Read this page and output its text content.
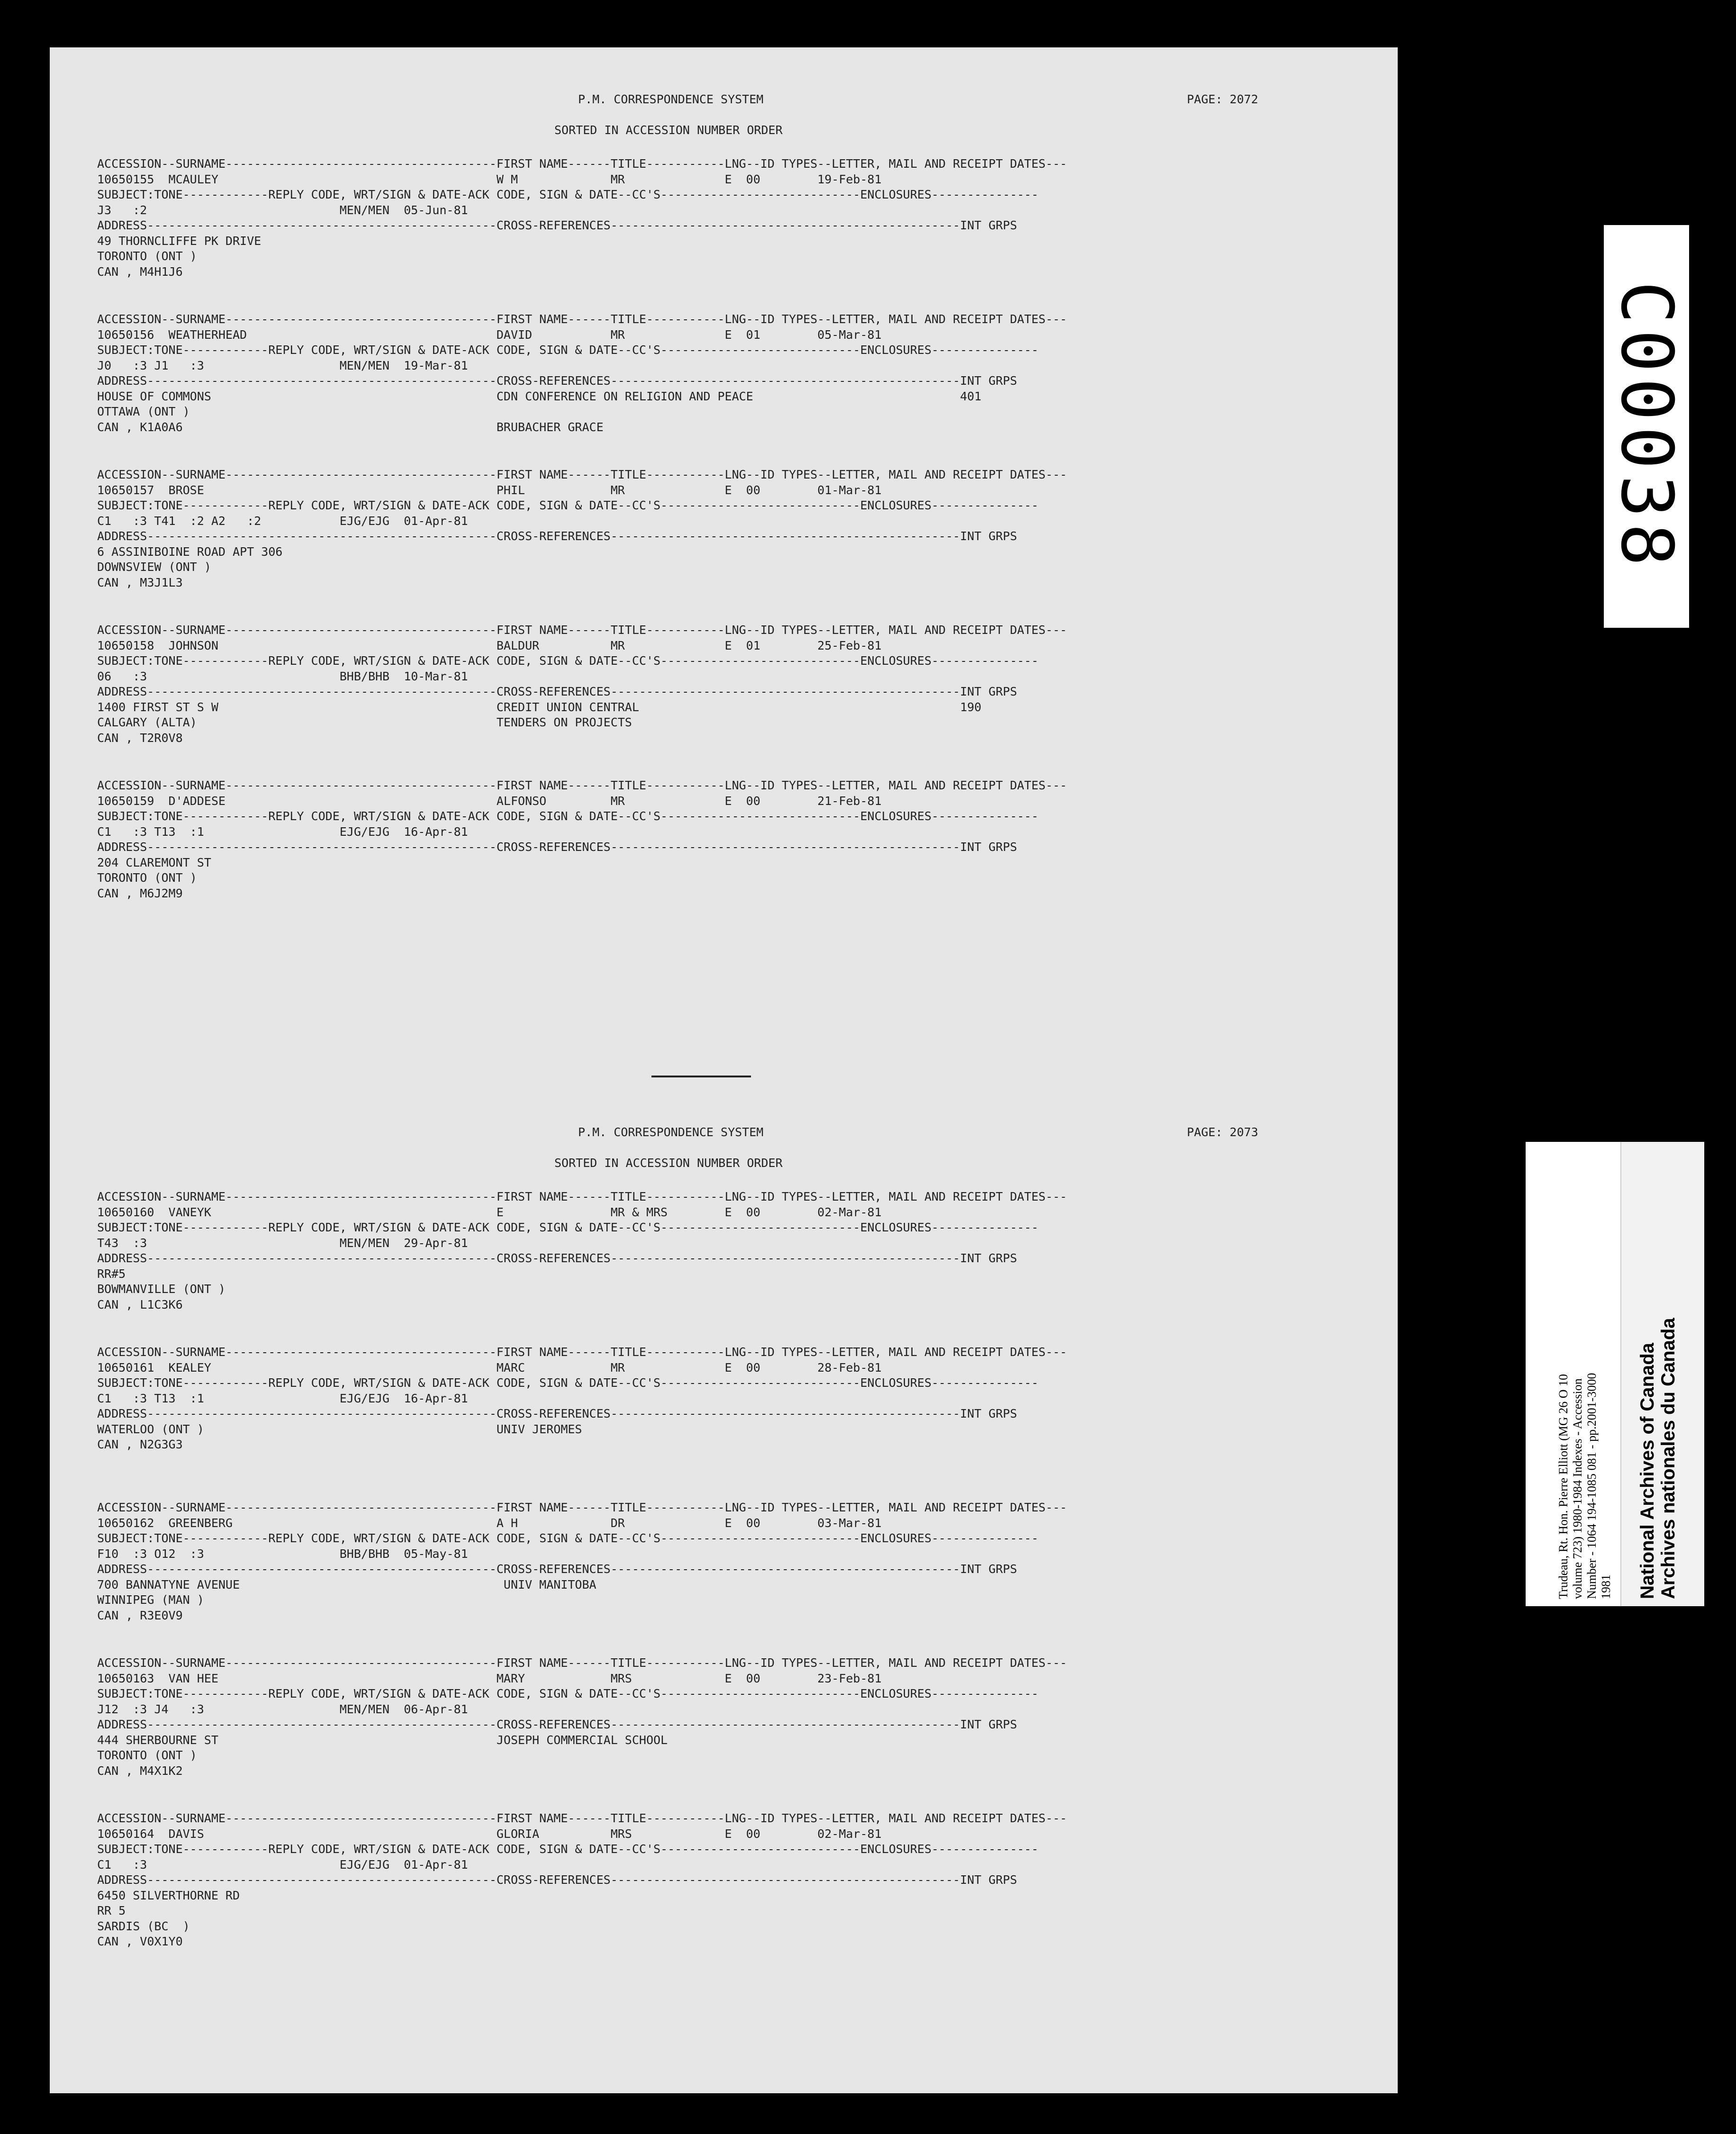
P.M. CORRESPONDENCE SYSTEM	PAGE: 2072
SORTED IN ACCESSION NUMBER ORDER
ACCESSION--SURNAME--------------------------------------FIRST NAME------TITLE-----------LNG--ID TYPES--LETTER, MAIL AND RECEIPT DATES---
10650155  MCAULEY                                       W M             MR              E  00        19-Feb-81
SUBJECT:TONE------------REPLY CODE, WRT/SIGN & DATE-ACK CODE, SIGN & DATE--CC'S----------------------------ENCLOSURES---------------
J3   :2                           MEN/MEN  05-Jun-81
ADDRESS-------------------------------------------------CROSS-REFERENCES-------------------------------------------------INT GRPS
49 THORNCLIFFE PK DRIVE
TORONTO (ONT )
CAN , M4H1J6
ACCESSION--SURNAME--------------------------------------FIRST NAME------TITLE-----------LNG--ID TYPES--LETTER, MAIL AND RECEIPT DATES---
10650156  WEATHERHEAD                                   DAVID           MR              E  01        05-Mar-81
SUBJECT:TONE------------REPLY CODE, WRT/SIGN & DATE-ACK CODE, SIGN & DATE--CC'S----------------------------ENCLOSURES---------------
J0   :3 J1   :3                   MEN/MEN  19-Mar-81
ADDRESS-------------------------------------------------CROSS-REFERENCES-------------------------------------------------INT GRPS
HOUSE OF COMMONS                                        CDN CONFERENCE ON RELIGION AND PEACE                             401
OTTAWA (ONT )
CAN , K1A0A6                                            BRUBACHER GRACE
ACCESSION--SURNAME--------------------------------------FIRST NAME------TITLE-----------LNG--ID TYPES--LETTER, MAIL AND RECEIPT DATES---
10650157  BROSE                                         PHIL            MR              E  00        01-Mar-81
SUBJECT:TONE------------REPLY CODE, WRT/SIGN & DATE-ACK CODE, SIGN & DATE--CC'S----------------------------ENCLOSURES---------------
C1   :3 T41  :2 A2   :2           EJG/EJG  01-Apr-81
ADDRESS-------------------------------------------------CROSS-REFERENCES-------------------------------------------------INT GRPS
6 ASSINIBOINE ROAD APT 306
DOWNSVIEW (ONT )
CAN , M3J1L3
ACCESSION--SURNAME--------------------------------------FIRST NAME------TITLE-----------LNG--ID TYPES--LETTER, MAIL AND RECEIPT DATES---
10650158  JOHNSON                                       BALDUR          MR              E  01        25-Feb-81
SUBJECT:TONE------------REPLY CODE, WRT/SIGN & DATE-ACK CODE, SIGN & DATE--CC'S----------------------------ENCLOSURES---------------
06   :3                           BHB/BHB  10-Mar-81
ADDRESS-------------------------------------------------CROSS-REFERENCES-------------------------------------------------INT GRPS
1400 FIRST ST S W                                       CREDIT UNION CENTRAL                                             190
CALGARY (ALTA)                                          TENDERS ON PROJECTS
CAN , T2R0V8
ACCESSION--SURNAME--------------------------------------FIRST NAME------TITLE-----------LNG--ID TYPES--LETTER, MAIL AND RECEIPT DATES---
10650159  D'ADDESE                                      ALFONSO         MR              E  00        21-Feb-81
SUBJECT:TONE------------REPLY CODE, WRT/SIGN & DATE-ACK CODE, SIGN & DATE--CC'S----------------------------ENCLOSURES---------------
C1   :3 T13  :1                   EJG/EJG  16-Apr-81
ADDRESS-------------------------------------------------CROSS-REFERENCES-------------------------------------------------INT GRPS
204 CLAREMONT ST
TORONTO (ONT )
CAN , M6J2M9
P.M. CORRESPONDENCE SYSTEM	PAGE: 2073
SORTED IN ACCESSION NUMBER ORDER
ACCESSION--SURNAME--------------------------------------FIRST NAME------TITLE-----------LNG--ID TYPES--LETTER, MAIL AND RECEIPT DATES---
10650160  VANEYK                                        E               MR & MRS        E  00        02-Mar-81
SUBJECT:TONE------------REPLY CODE, WRT/SIGN & DATE-ACK CODE, SIGN & DATE--CC'S----------------------------ENCLOSURES---------------
T43  :3                           MEN/MEN  29-Apr-81
ADDRESS-------------------------------------------------CROSS-REFERENCES-------------------------------------------------INT GRPS
RR#5
BOWMANVILLE (ONT )
CAN , L1C3K6
ACCESSION--SURNAME--------------------------------------FIRST NAME------TITLE-----------LNG--ID TYPES--LETTER, MAIL AND RECEIPT DATES---
10650161  KEALEY                                        MARC            MR              E  00        28-Feb-81
SUBJECT:TONE------------REPLY CODE, WRT/SIGN & DATE-ACK CODE, SIGN & DATE--CC'S----------------------------ENCLOSURES---------------
C1   :3 T13  :1                   EJG/EJG  16-Apr-81
ADDRESS-------------------------------------------------CROSS-REFERENCES-------------------------------------------------INT GRPS
WATERLOO (ONT )                                         UNIV JEROMES
CAN , N2G3G3
ACCESSION--SURNAME--------------------------------------FIRST NAME------TITLE-----------LNG--ID TYPES--LETTER, MAIL AND RECEIPT DATES---
10650162  GREENBERG                                     A H             DR              E  00        03-Mar-81
SUBJECT:TONE------------REPLY CODE, WRT/SIGN & DATE-ACK CODE, SIGN & DATE--CC'S----------------------------ENCLOSURES---------------
F10  :3 O12  :3                   BHB/BHB  05-May-81
ADDRESS-------------------------------------------------CROSS-REFERENCES-------------------------------------------------INT GRPS
700 BANNATYNE AVENUE                                     UNIV MANITOBA
WINNIPEG (MAN )
CAN , R3E0V9
ACCESSION--SURNAME--------------------------------------FIRST NAME------TITLE-----------LNG--ID TYPES--LETTER, MAIL AND RECEIPT DATES---
10650163  VAN HEE                                       MARY            MRS             E  00        23-Feb-81
SUBJECT:TONE------------REPLY CODE, WRT/SIGN & DATE-ACK CODE, SIGN & DATE--CC'S----------------------------ENCLOSURES---------------
J12  :3 J4   :3                   MEN/MEN  06-Apr-81
ADDRESS-------------------------------------------------CROSS-REFERENCES-------------------------------------------------INT GRPS
444 SHERBOURNE ST                                       JOSEPH COMMERCIAL SCHOOL
TORONTO (ONT )
CAN , M4X1K2
ACCESSION--SURNAME--------------------------------------FIRST NAME------TITLE-----------LNG--ID TYPES--LETTER, MAIL AND RECEIPT DATES---
10650164  DAVIS                                         GLORIA          MRS             E  00        02-Mar-81
SUBJECT:TONE------------REPLY CODE, WRT/SIGN & DATE-ACK CODE, SIGN & DATE--CC'S----------------------------ENCLOSURES---------------
C1   :3                           EJG/EJG  01-Apr-81
ADDRESS-------------------------------------------------CROSS-REFERENCES-------------------------------------------------INT GRPS
6450 SILVERTHORNE RD
RR 5
SARDIS (BC  )
CAN , V0X1Y0
C00038
Trudeau, Rt. Hon. Pierre Elliott (MG 26 O 10 volume 723) 1980-1984 Indexes - Accession Number - 1064 194-1085 081 - pp.2001-3000 1981 National Archives of Canada Archives nationales du Canada
